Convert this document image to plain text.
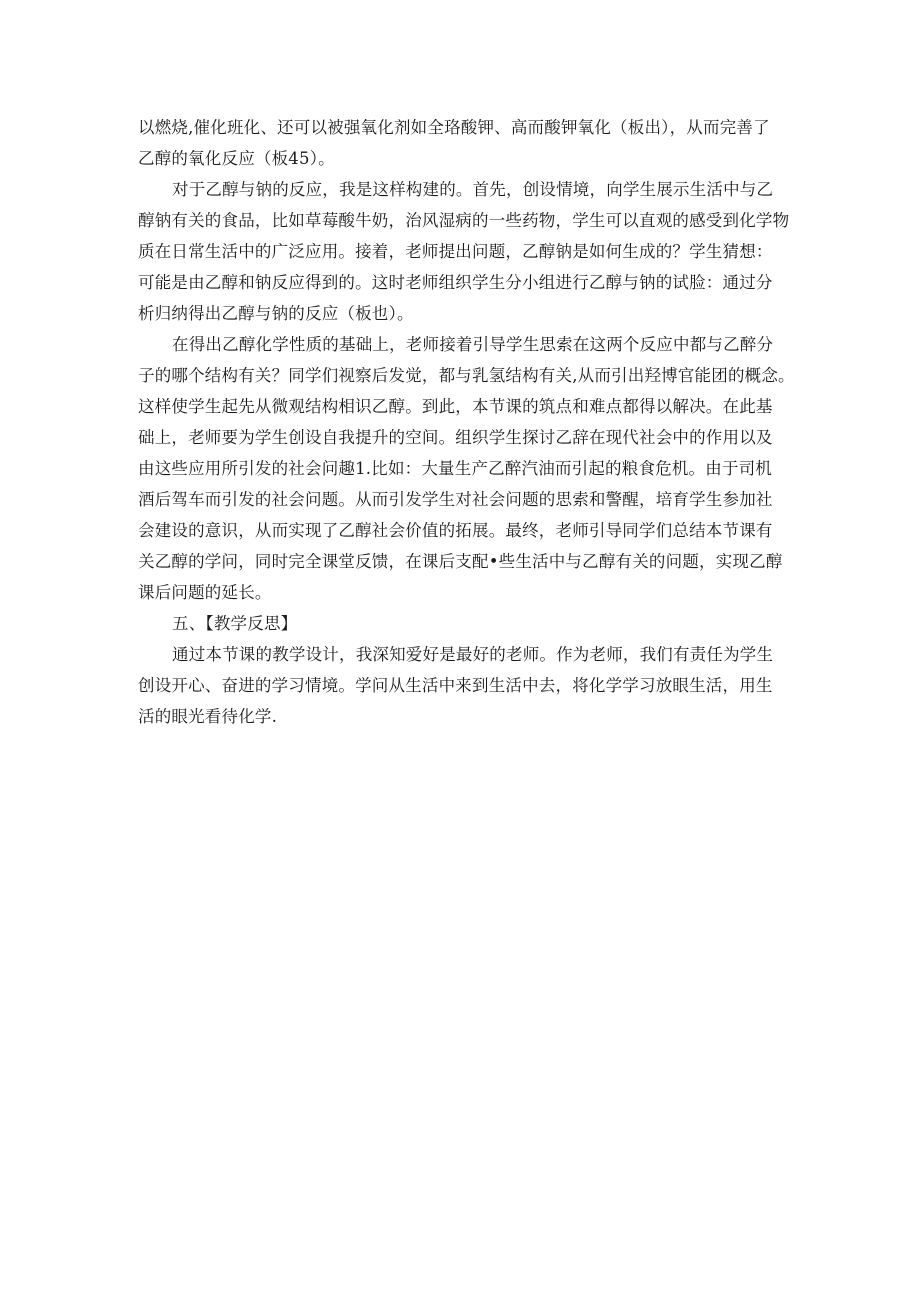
以燃烧,催化班化、还可以被强氧化剂如全珞酸钾、高而酸钾氧化（板出），从而完善了
乙醇的氧化反应（板45）。
对于乙醇与钠的反应，我是这样构建的。首先，创设情境，向学生展示生活中与乙
醇钠有关的食品，比如草莓酸牛奶，治风湿病的一些药物，学生可以直观的感受到化学物
质在日常生活中的广泛应用。接着，老师提出问题，乙醇钠是如何生成的？学生猜想：
可能是由乙醇和钠反应得到的。这时老师组织学生分小组进行乙醇与钠的试脸：通过分
析归纳得出乙醇与钠的反应（板也）。
在得出乙醇化学性质的基础上，老师接着引导学生思索在这两个反应中都与乙醉分
子的哪个结构有关？同学们视察后发觉，都与乳氢结构有关,从而引出羟博官能团的概念。
这样使学生起先从微观结构相识乙醇。到此，本节课的筑点和难点都得以解决。在此基
础上，老师要为学生创设自我提升的空间。组织学生探讨乙辞在现代社会中的作用以及
由这些应用所引发的社会问趣1.比如：大量生产乙醉汽油而引起的粮食危机。由于司机
酒后驾车而引发的社会问题。从而引发学生对社会问题的思索和警醒，培育学生参加社
会建设的意识，从而实现了乙醇社会价值的拓展。最终，老师引导同学们总结本节课有
关乙醇的学问，同时完全课堂反馈，在课后支配•些生活中与乙醇有关的问题，实现乙醇
课后问题的延长。
五、【教学反思】
通过本节课的教学设计，我深知爱好是最好的老师。作为老师，我们有责任为学生
创设开心、奋进的学习情境。学问从生活中来到生活中去，将化学学习放眼生活，用生
活的眼光看待化学.
